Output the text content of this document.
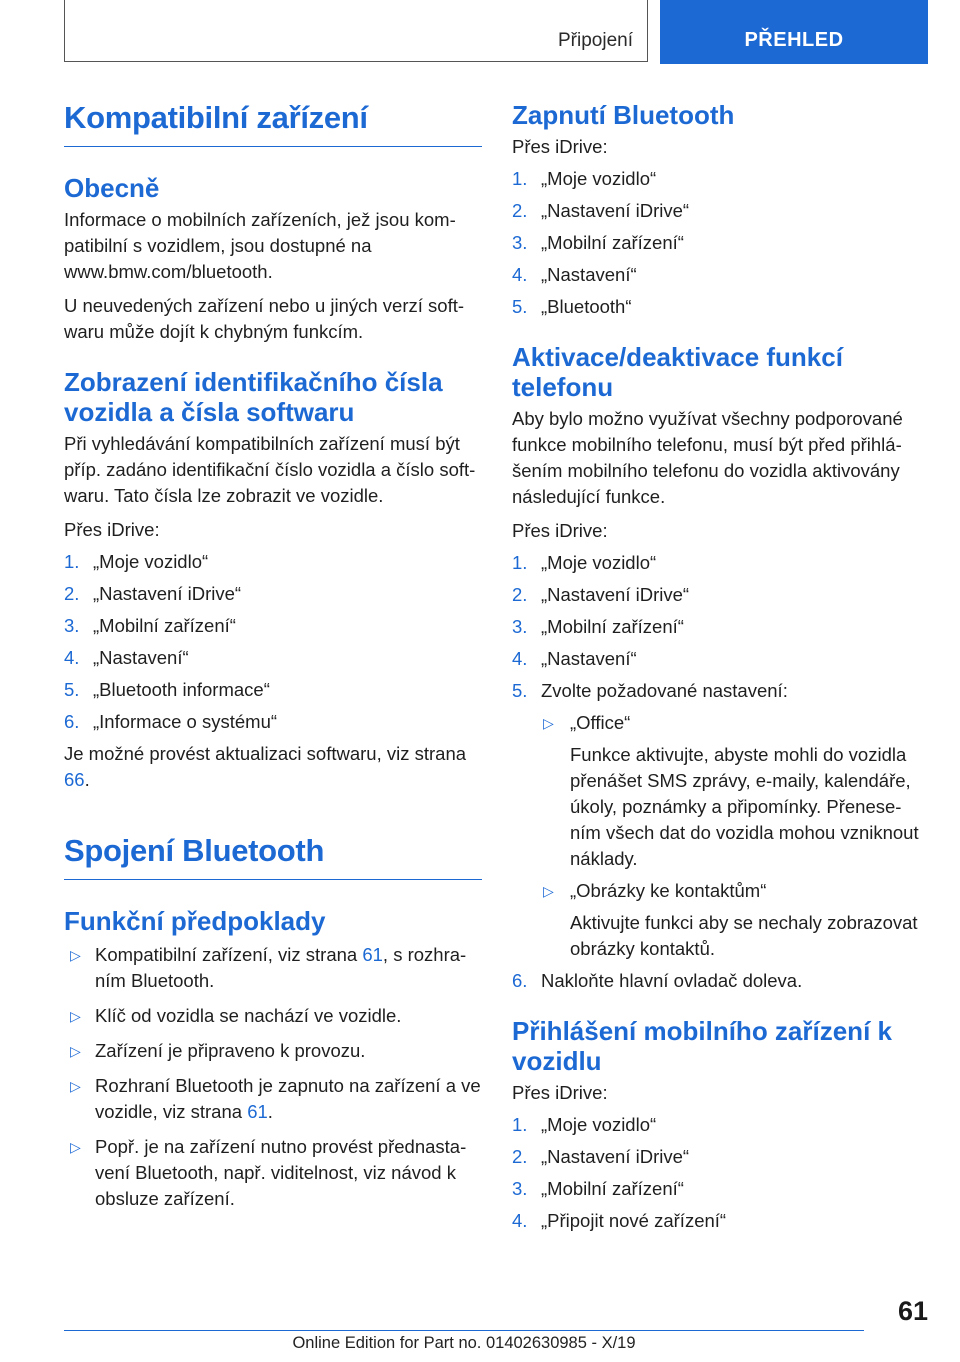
Připojení	PŘEHLED
Kompatibilní zařízení
Obecně

Informace o mobilních zařízeních, jež jsou kom-patibilní s vozidlem, jsou dostupné na www.bmw.com/bluetooth.

U neuvedených zařízení nebo u jiných verzí soft-waru může dojít k chybným funkcím.

Zobrazení identifikačního čísla vozidla a čísla softwaru

Při vyhledávání kompatibilních zařízení musí být příp. zadáno identifikační číslo vozidla a číslo soft-waru. Tato čísla lze zobrazit ve vozidle.

Přes iDrive:

1. „Moje vozidlo“
2. „Nastavení iDrive“
3. „Mobilní zařízení“
4. „Nastavení“
5. „Bluetooth informace“
6. „Informace o systému“

Je možné provést aktualizaci softwaru, viz strana 66.

Spojení Bluetooth
Funkční předpoklady
▷ Kompatibilní zařízení, viz strana 61, s rozhra-ním Bluetooth.
▷ Klíč od vozidla se nachází ve vozidle.
▷ Zařízení je připraveno k provozu.
▷ Rozhraní Bluetooth je zapnuto na zařízení a ve vozidle, viz strana 61.
▷ Popř. je na zařízení nutno provést přednasta-vení Bluetooth, např. viditelnost, viz návod k obsluze zařízení.
Zapnutí Bluetooth

Přes iDrive:

1. „Moje vozidlo“
2. „Nastavení iDrive“
3. „Mobilní zařízení“
4. „Nastavení“
5. „Bluetooth“
Aktivace/deaktivace funkcí telefonu

Aby bylo možno využívat všechny podporované funkce mobilního telefonu, musí být před přihlá-šením mobilního telefonu do vozidla aktivovány následující funkce.

Přes iDrive:

1. „Moje vozidlo“
2. „Nastavení iDrive“
3. „Mobilní zařízení“
4. „Nastavení“
5. Zvolte požadované nastavení:
▷ „Office“
Funkce aktivujte, abyste mohli do vozidla přenášet SMS zprávy, e-maily, kalendáře, úkoly, poznámky a připomínky. Přenese-ním všech dat do vozidla mohou vzniknout náklady.
▷ „Obrázky ke kontaktům“
Aktivujte funkci aby se nechaly zobrazovat obrázky kontaktů.
6. Nakloňte hlavní ovladač doleva.
Přihlášení mobilního zařízení k vozidlu

Přes iDrive:

1. „Moje vozidlo“
2. „Nastavení iDrive“
3. „Mobilní zařízení“
4. „Připojit nové zařízení“
61
Online Edition for Part no. 01402630985 - X/19
